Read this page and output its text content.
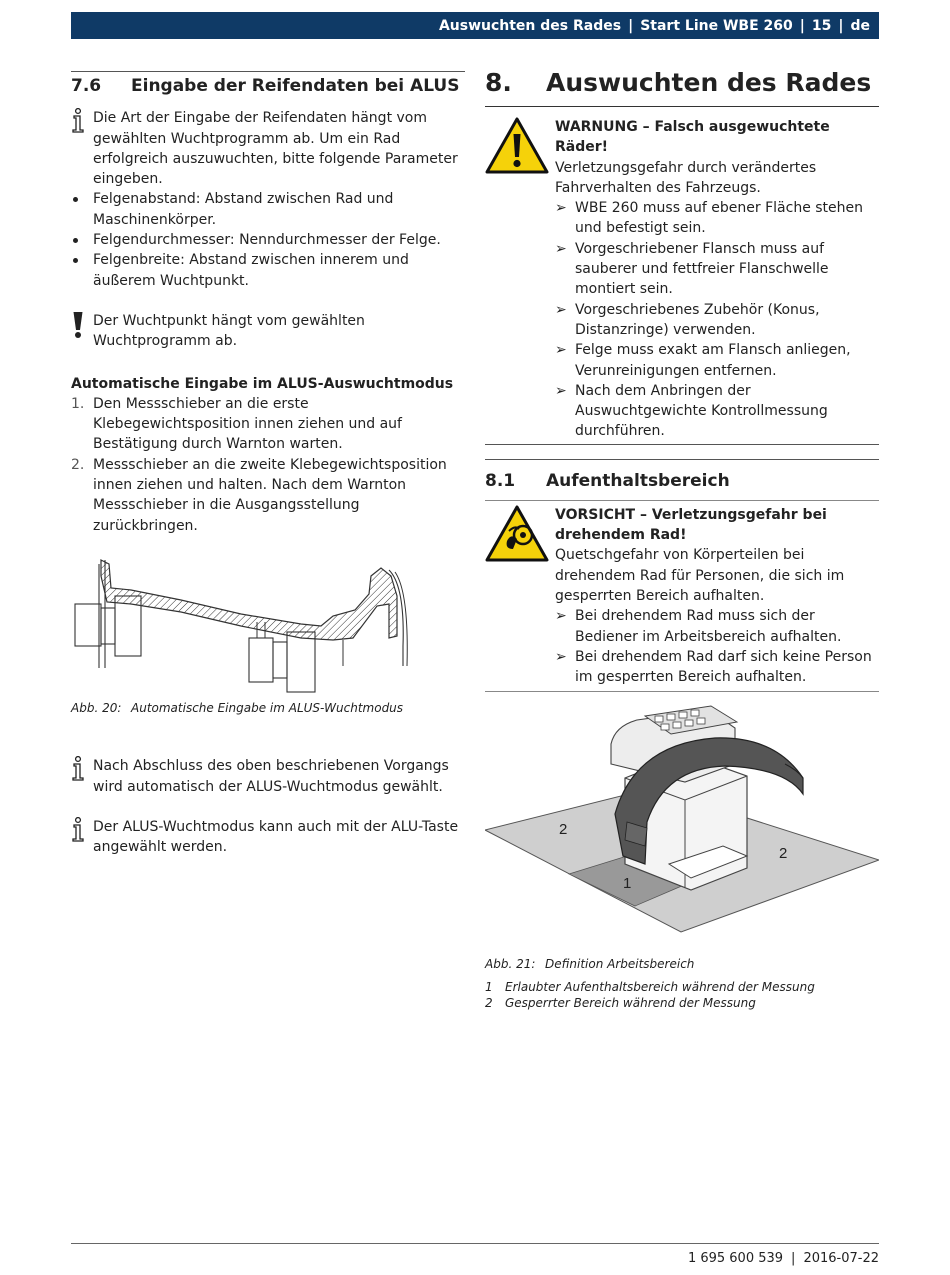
Auswuchten des Rades | Start Line WBE 260 | 15 | de
7.6	Eingabe der Reifendaten bei ALUS
Die Art der Eingabe der Reifendaten hängt vom gewählten Wuchtprogramm ab. Um ein Rad erfolgreich auszuwuchten, bitte folgende Parameter eingeben.
Felgenabstand: Abstand zwischen Rad und Maschinenkörper.
Felgendurchmesser: Nenndurchmesser der Felge.
Felgenbreite: Abstand zwischen innerem und äußerem Wuchtpunkt.
Der Wuchtpunkt hängt vom gewählten Wuchtprogramm ab.
Automatische Eingabe im ALUS-Auswuchtmodus
1. Den Messschieber an die erste Klebegewichtsposition innen ziehen und auf Bestätigung durch Warnton warten.
2. Messschieber an die zweite Klebegewichtsposition innen ziehen und halten. Nach dem Warnton Messschieber in die Ausgangsstellung zurückbringen.
Abb. 20: Automatische Eingabe im ALUS-Wuchtmodus
Nach Abschluss des oben beschriebenen Vorgangs wird automatisch der ALUS-Wuchtmodus gewählt.
Der ALUS-Wuchtmodus kann auch mit der ALU-Taste angewählt werden.
8.	Auswuchten des Rades
WARNUNG – Falsch ausgewuchtete Räder!
Verletzungsgefahr durch verändertes Fahrverhalten des Fahrzeugs.
➢ WBE 260 muss auf ebener Fläche stehen und befestigt sein.
➢ Vorgeschriebener Flansch muss auf sauberer und fettfreier Flanschwelle montiert sein.
➢ Vorgeschriebenes Zubehör (Konus, Distanzringe) verwenden.
➢ Felge muss exakt am Flansch anliegen, Verunreinigungen entfernen.
➢ Nach dem Anbringen der Auswuchtgewichte Kontrollmessung durchführen.
8.1	Aufenthaltsbereich
VORSICHT – Verletzungsgefahr bei drehendem Rad!
Quetschgefahr von Körperteilen bei drehendem Rad für Personen, die sich im gesperrten Bereich aufhalten.
➢ Bei drehendem Rad muss sich der Bediener im Arbeitsbereich aufhalten.
➢ Bei drehendem Rad darf sich keine Person im gesperrten Bereich aufhalten.
2
2
1
Abb. 21: Definition Arbeitsbereich
1 Erlaubter Aufenthaltsbereich während der Messung
2 Gesperrter Bereich während der Messung
1 695 600 539 | 2016-07-22
